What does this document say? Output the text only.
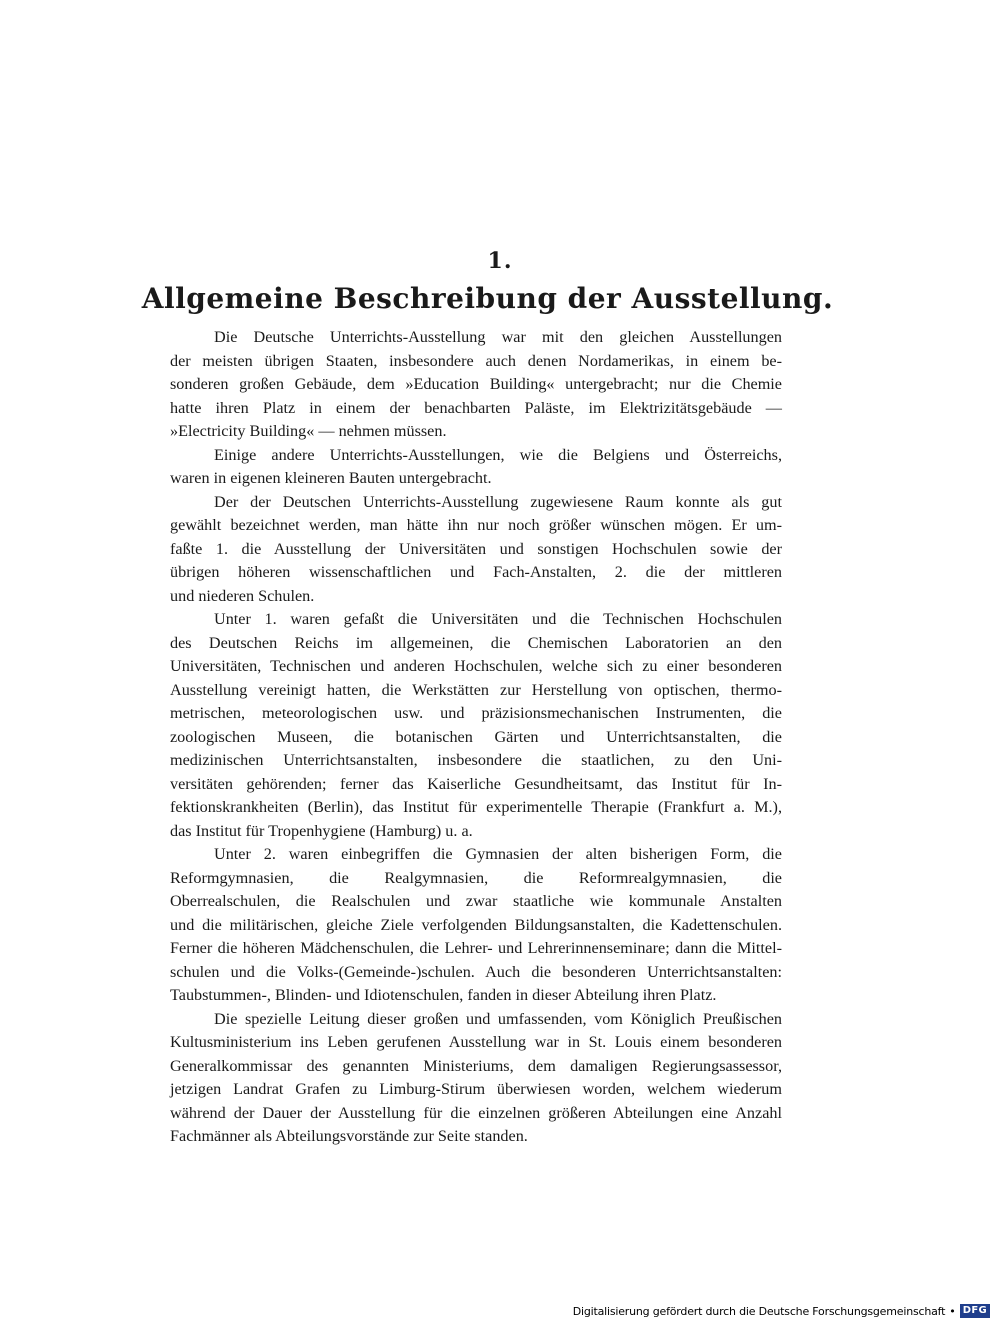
1.
Allgemeine Beschreibung der Ausstellung.
Die Deutsche Unterrichts-Ausstellung war mit den gleichen Ausstellungen
der meisten übrigen Staaten, insbesondere auch denen Nordamerikas, in einem be-
sonderen großen Gebäude, dem »Education Building« untergebracht; nur die Chemie
hatte ihren Platz in einem der benachbarten Paläste, im Elektrizitätsgebäude —
»Electricity Building« — nehmen müssen.
Einige andere Unterrichts-Ausstellungen, wie die Belgiens und Österreichs,
waren in eigenen kleineren Bauten untergebracht.
Der der Deutschen Unterrichts-Ausstellung zugewiesene Raum konnte als gut
gewählt bezeichnet werden, man hätte ihn nur noch größer wünschen mögen. Er um-
faßte 1. die Ausstellung der Universitäten und sonstigen Hochschulen sowie der
übrigen höheren wissenschaftlichen und Fach-Anstalten, 2. die der mittleren
und niederen Schulen.
Unter 1. waren gefaßt die Universitäten und die Technischen Hochschulen
des Deutschen Reichs im allgemeinen, die Chemischen Laboratorien an den
Universitäten, Technischen und anderen Hochschulen, welche sich zu einer besonderen
Ausstellung vereinigt hatten, die Werkstätten zur Herstellung von optischen, thermo-
metrischen, meteorologischen usw. und präzisionsmechanischen Instrumenten, die
zoologischen Museen, die botanischen Gärten und Unterrichtsanstalten, die
medizinischen Unterrichtsanstalten, insbesondere die staatlichen, zu den Uni-
versitäten gehörenden; ferner das Kaiserliche Gesundheitsamt, das Institut für In-
fektionskrankheiten (Berlin), das Institut für experimentelle Therapie (Frankfurt a. M.),
das Institut für Tropenhygiene (Hamburg) u. a.
Unter 2. waren einbegriffen die Gymnasien der alten bisherigen Form, die
Reformgymnasien, die Realgymnasien, die Reformrealgymnasien, die
Oberrealschulen, die Realschulen und zwar staatliche wie kommunale Anstalten
und die militärischen, gleiche Ziele verfolgenden Bildungsanstalten, die Kadettenschulen.
Ferner die höheren Mädchenschulen, die Lehrer- und Lehrerinnenseminare; dann die Mittel-
schulen und die Volks-(Gemeinde-)schulen. Auch die besonderen Unterrichtsanstalten:
Taubstummen-, Blinden- und Idiotenschulen, fanden in dieser Abteilung ihren Platz.
Die spezielle Leitung dieser großen und umfassenden, vom Königlich Preußischen
Kultusministerium ins Leben gerufenen Ausstellung war in St. Louis einem besonderen
Generalkommissar des genannten Ministeriums, dem damaligen Regierungsassessor,
jetzigen Landrat Grafen zu Limburg-Stirum überwiesen worden, welchem wiederum
während der Dauer der Ausstellung für die einzelnen größeren Abteilungen eine Anzahl
Fachmänner als Abteilungsvorstände zur Seite standen.
Digitalisierung gefördert durch die Deutsche Forschungsgemeinschaft • DFG
